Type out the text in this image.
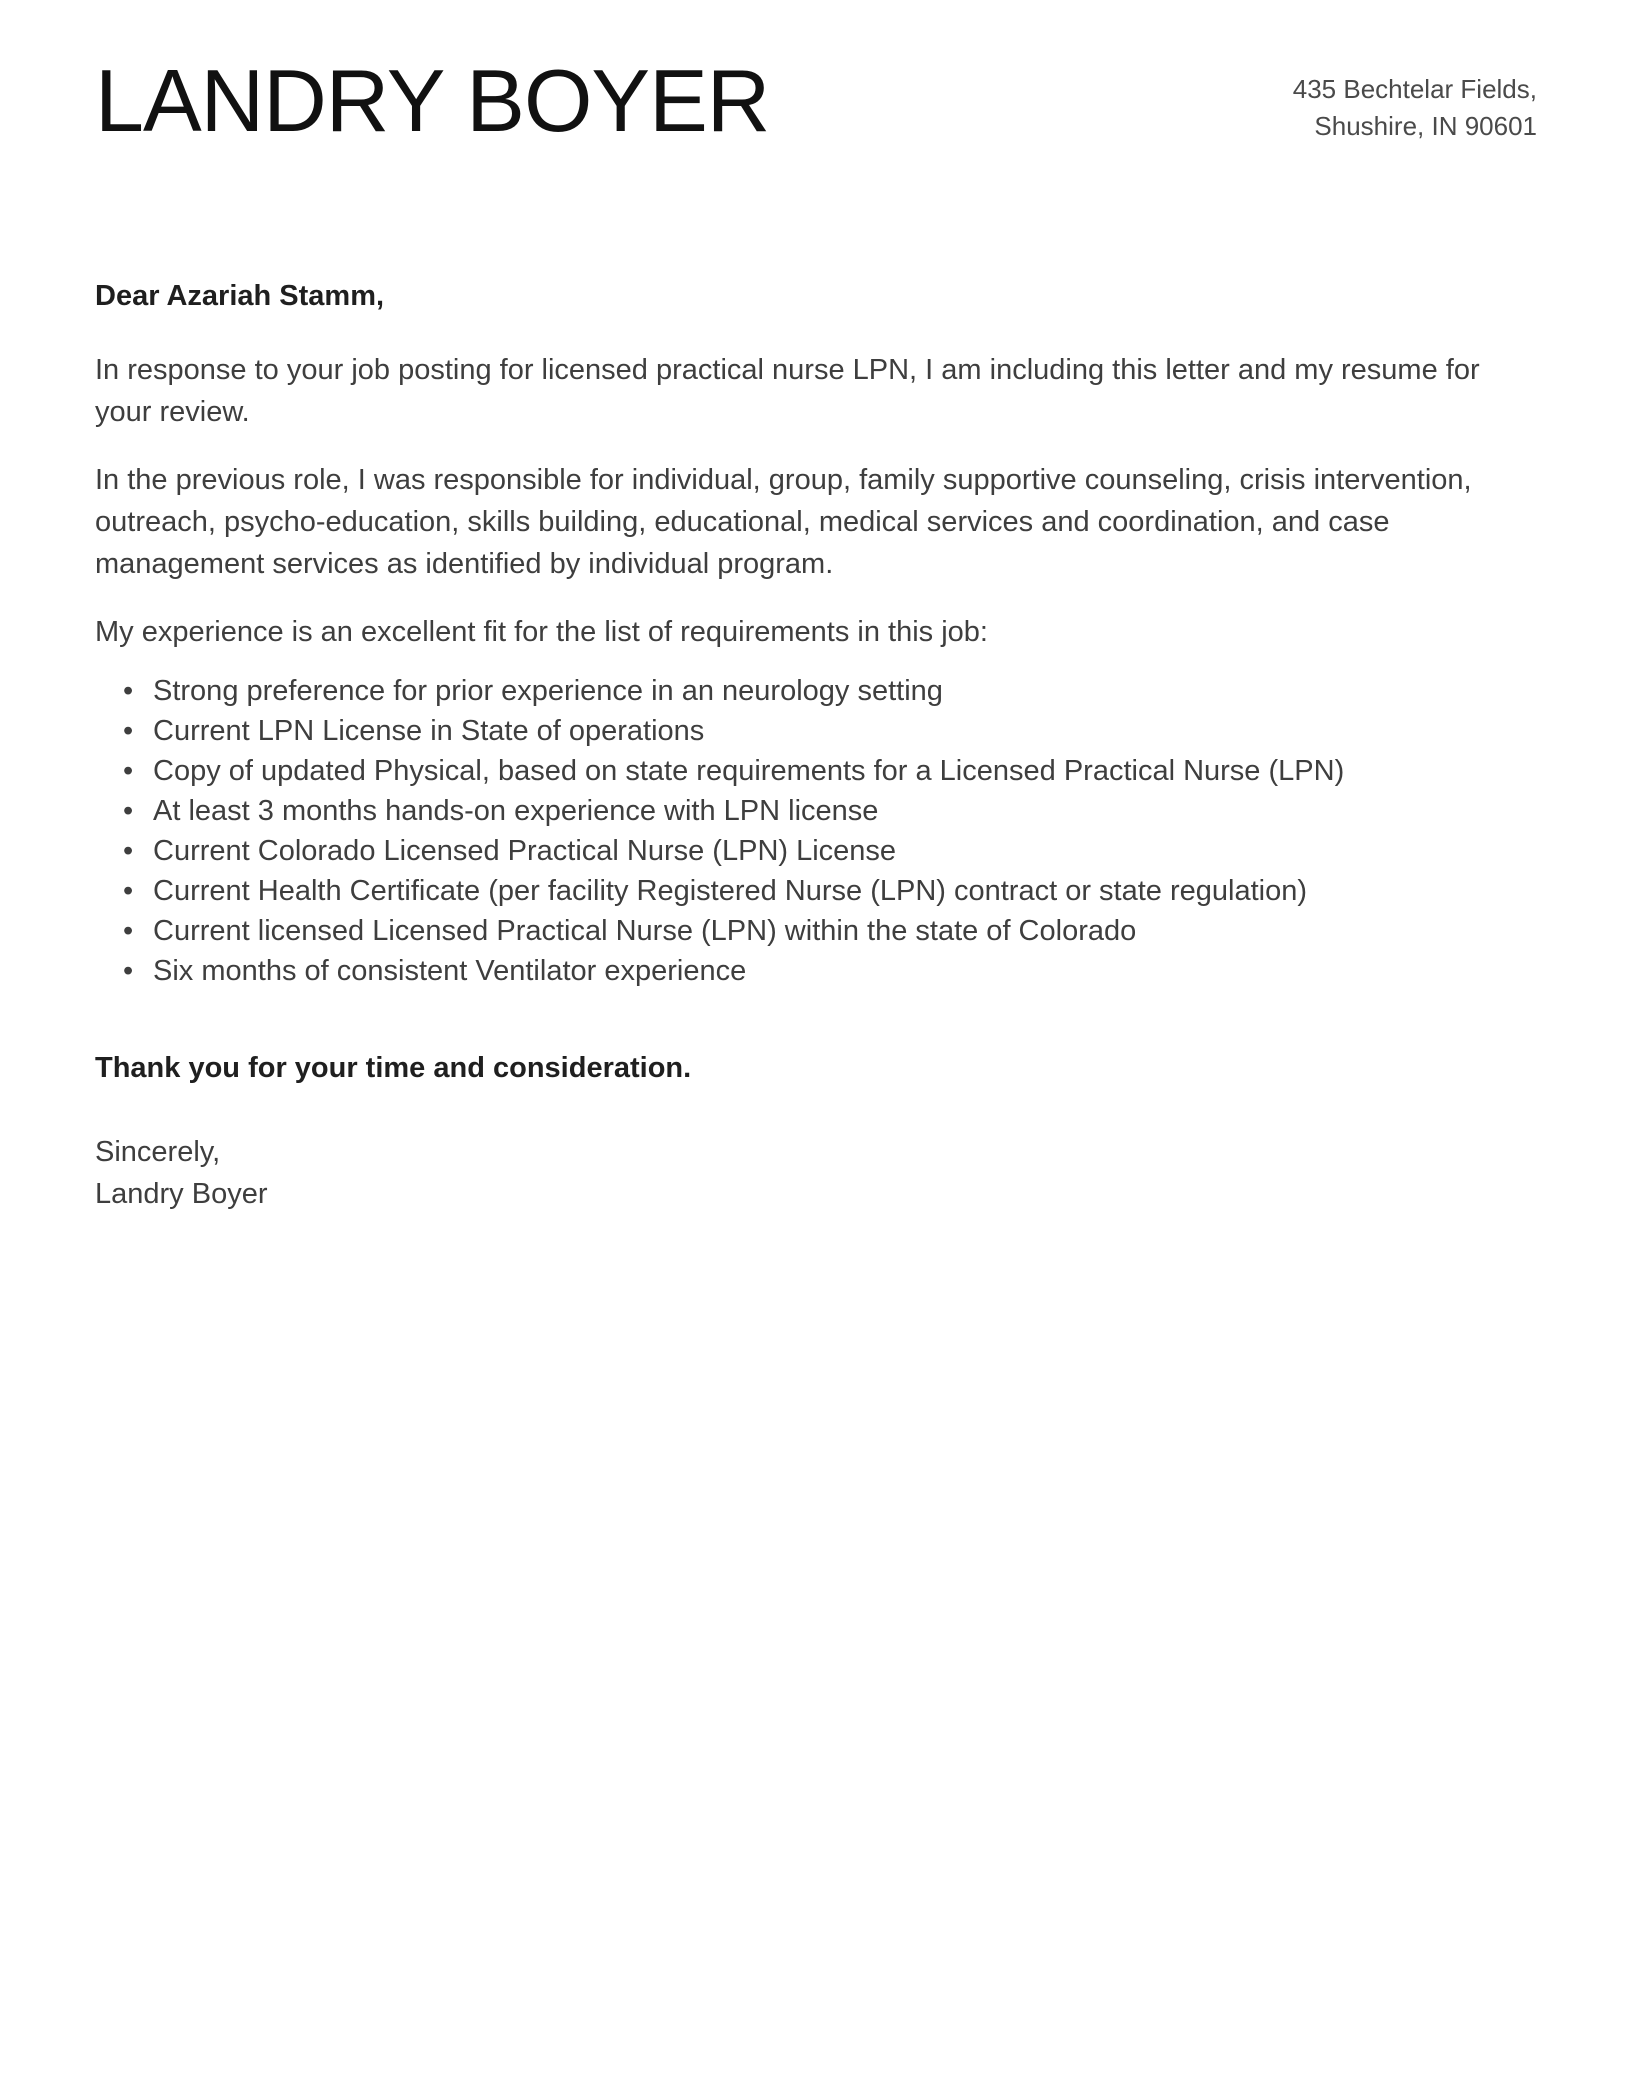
LANDRY BOYER	435 Bechtelar Fields,
Shushire, IN 90601

Dear Azariah Stamm,

In response to your job posting for licensed practical nurse LPN, I am including this letter and my resume for your review.

In the previous role, I was responsible for individual, group, family supportive counseling, crisis intervention, outreach, psycho-education, skills building, educational, medical services and coordination, and case management services as identified by individual program.

My experience is an excellent fit for the list of requirements in this job:

• Strong preference for prior experience in an neurology setting
• Current LPN License in State of operations
• Copy of updated Physical, based on state requirements for a Licensed Practical Nurse (LPN)
• At least 3 months hands-on experience with LPN license
• Current Colorado Licensed Practical Nurse (LPN) License
• Current Health Certificate (per facility Registered Nurse (LPN) contract or state regulation)
• Current licensed Licensed Practical Nurse (LPN) within the state of Colorado
• Six months of consistent Ventilator experience

Thank you for your time and consideration.

Sincerely,
Landry Boyer
